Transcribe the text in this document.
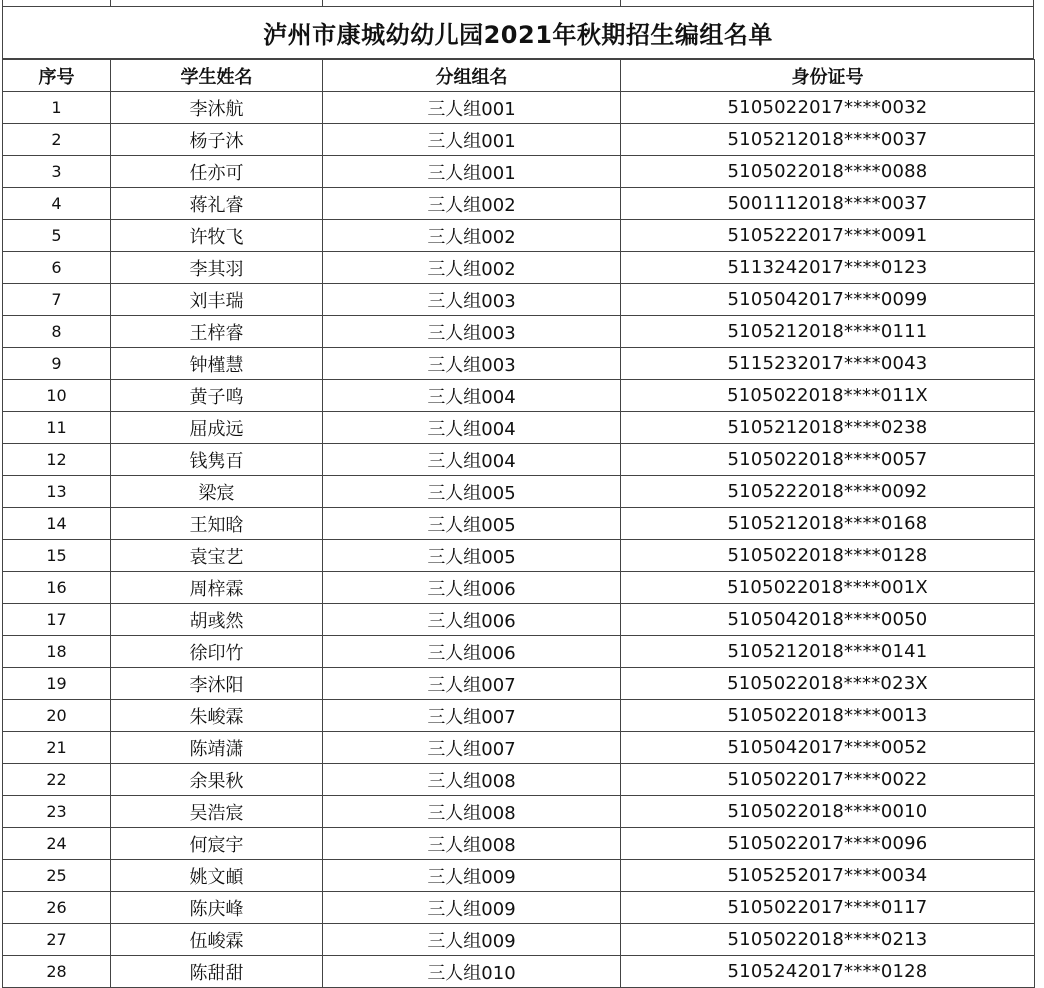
泸州市康城幼幼儿园2021年秋期招生编组名单
序号	学生姓名	分组组名	身份证号
1	李沐航	三人组001	5105022017****0032
2	杨子沐	三人组001	5105212018****0037
3	任亦可	三人组001	5105022018****0088
4	蒋礼睿	三人组002	5001112018****0037
5	许牧飞	三人组002	5105222017****0091
6	李其羽	三人组002	5113242017****0123
7	刘丰瑞	三人组003	5105042017****0099
8	王梓睿	三人组003	5105212018****0111
9	钟槿慧	三人组003	5115232017****0043
10	黄子鸣	三人组004	5105022018****011X
11	屈成远	三人组004	5105212018****0238
12	钱隽百	三人组004	5105022018****0057
13	梁宸	三人组005	5105222018****0092
14	王知晗	三人组005	5105212018****0168
15	袁宝艺	三人组005	5105022018****0128
16	周梓霖	三人组006	5105022018****001X
17	胡彧然	三人组006	5105042018****0050
18	徐印竹	三人组006	5105212018****0141
19	李沐阳	三人组007	5105022018****023X
20	朱峻霖	三人组007	5105022018****0013
21	陈靖潇	三人组007	5105042017****0052
22	余果秋	三人组008	5105022017****0022
23	吴浩宸	三人组008	5105022018****0010
24	何宸宇	三人组008	5105022017****0096
25	姚文頔	三人组009	5105252017****0034
26	陈庆峰	三人组009	5105022017****0117
27	伍峻霖	三人组009	5105022018****0213
28	陈甜甜	三人组010	5105242017****0128
